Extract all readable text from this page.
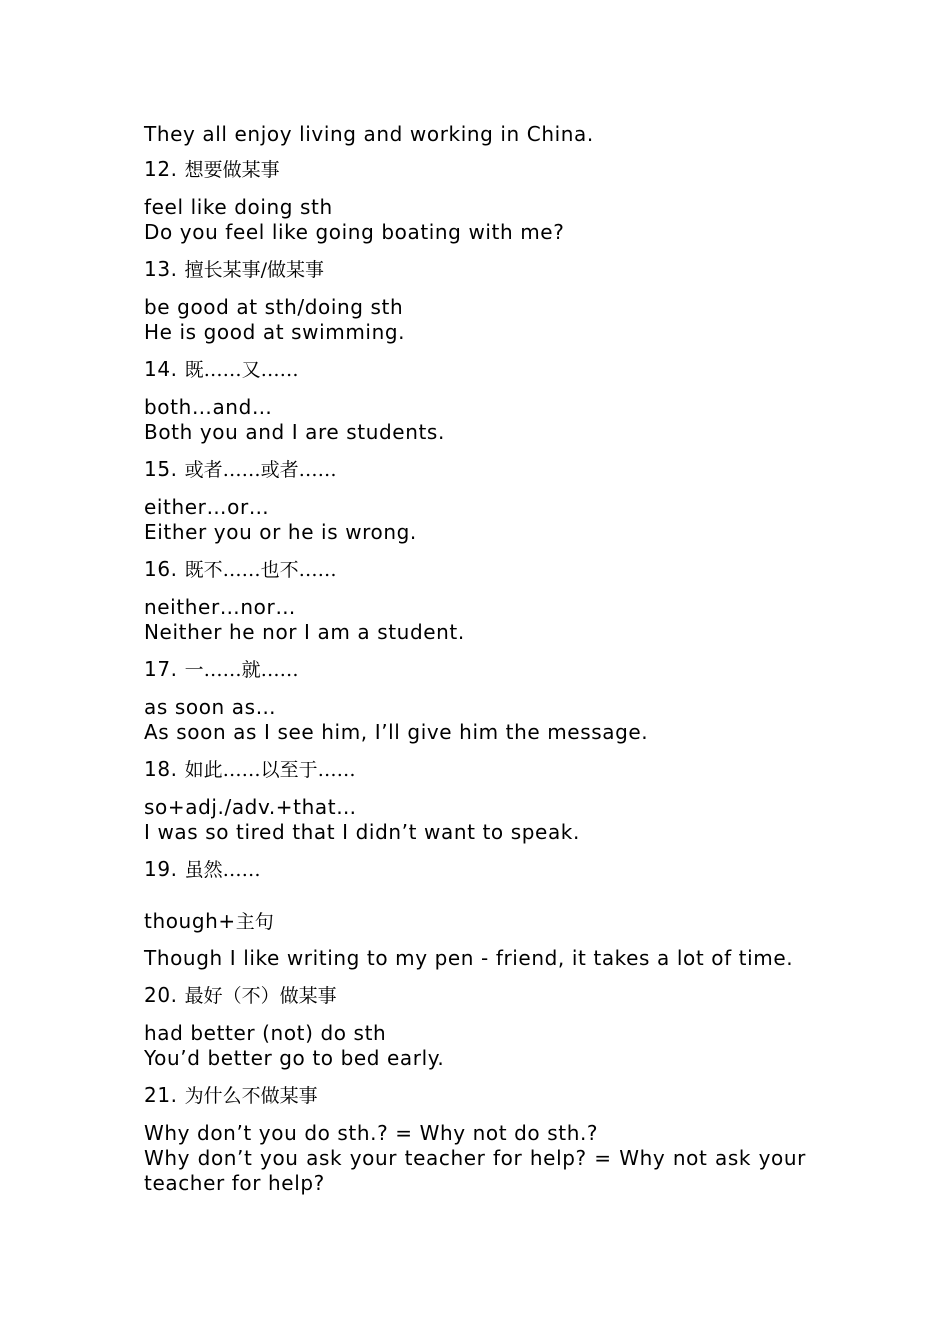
They all enjoy living and working in China.
12. 想要做某事
feel like doing sth
Do you feel like going boating with me?
13. 擅长某事/做某事
be good at sth/doing sth
He is good at swimming.
14. 既……又……
both…and…
Both you and I are students.
15. 或者……或者……
either…or…
Either you or he is wrong.
16. 既不……也不……
neither…nor…
Neither he nor I am a student.
17. 一……就……
as soon as…
As soon as I see him, I’ll give him the message.
18. 如此……以至于……
so+adj./adv.+that…
I was so tired that I didn’t want to speak.
19. 虽然……
though+主句
Though I like writing to my pen - friend, it takes a lot of time.
20. 最好（不）做某事
had better (not) do sth
You’d better go to bed early.
21. 为什么不做某事
Why don’t you do sth.? = Why not do sth.?
Why don’t you ask your teacher for help? = Why not ask your teacher for help?
